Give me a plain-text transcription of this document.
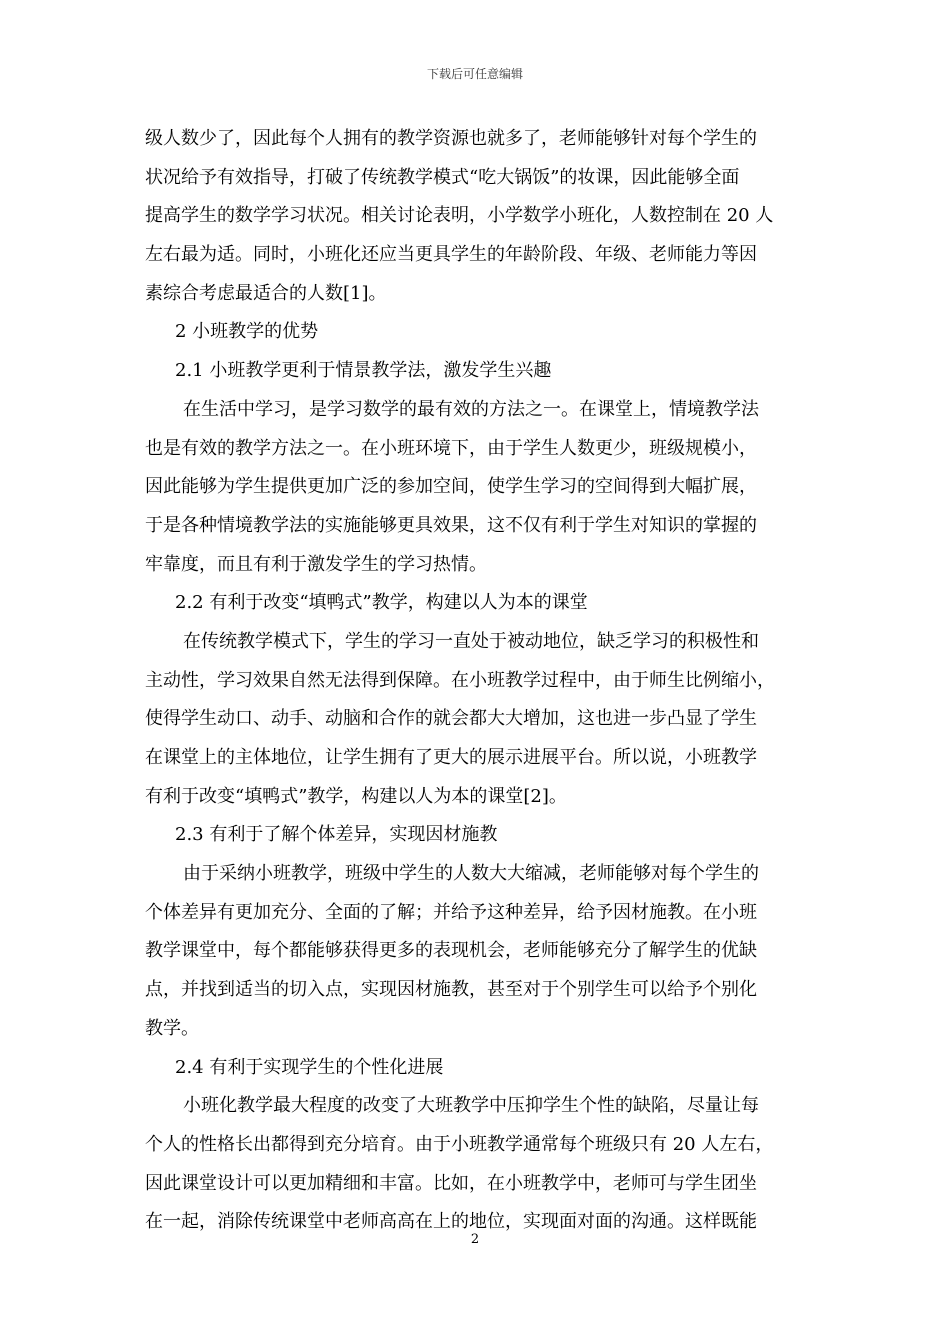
下载后可任意编辑
级人数少了，因此每个人拥有的教学资源也就多了，老师能够针对每个学生的
状况给予有效指导，打破了传统教学模式“吃大锅饭”的妆课，因此能够全面
提高学生的数学学习状况。相关讨论表明，小学数学小班化，人数控制在 20 人
左右最为适。同时，小班化还应当更具学生的年龄阶段、年级、老师能力等因
素综合考虑最适合的人数[1]。
2 小班教学的优势
2.1 小班教学更利于情景教学法，激发学生兴趣
在生活中学习，是学习数学的最有效的方法之一。在课堂上，情境教学法
也是有效的教学方法之一。在小班环境下，由于学生人数更少，班级规模小，
因此能够为学生提供更加广泛的参加空间，使学生学习的空间得到大幅扩展，
于是各种情境教学法的实施能够更具效果，这不仅有利于学生对知识的掌握的
牢靠度，而且有利于激发学生的学习热情。
2.2 有利于改变“填鸭式”教学，构建以人为本的课堂
在传统教学模式下，学生的学习一直处于被动地位，缺乏学习的积极性和
主动性，学习效果自然无法得到保障。在小班教学过程中，由于师生比例缩小，
使得学生动口、动手、动脑和合作的就会都大大增加，这也进一步凸显了学生
在课堂上的主体地位，让学生拥有了更大的展示进展平台。所以说，小班教学
有利于改变“填鸭式”教学，构建以人为本的课堂[2]。
2.3 有利于了解个体差异，实现因材施教
由于采纳小班教学，班级中学生的人数大大缩减，老师能够对每个学生的
个体差异有更加充分、全面的了解；并给予这种差异，给予因材施教。在小班
教学课堂中，每个都能够获得更多的表现机会，老师能够充分了解学生的优缺
点，并找到适当的切入点，实现因材施教，甚至对于个别学生可以给予个别化
教学。
2.4 有利于实现学生的个性化进展
小班化教学最大程度的改变了大班教学中压抑学生个性的缺陷，尽量让每
个人的性格长出都得到充分培育。由于小班教学通常每个班级只有 20 人左右，
因此课堂设计可以更加精细和丰富。比如，在小班教学中，老师可与学生团坐
在一起，消除传统课堂中老师高高在上的地位，实现面对面的沟通。这样既能
2
